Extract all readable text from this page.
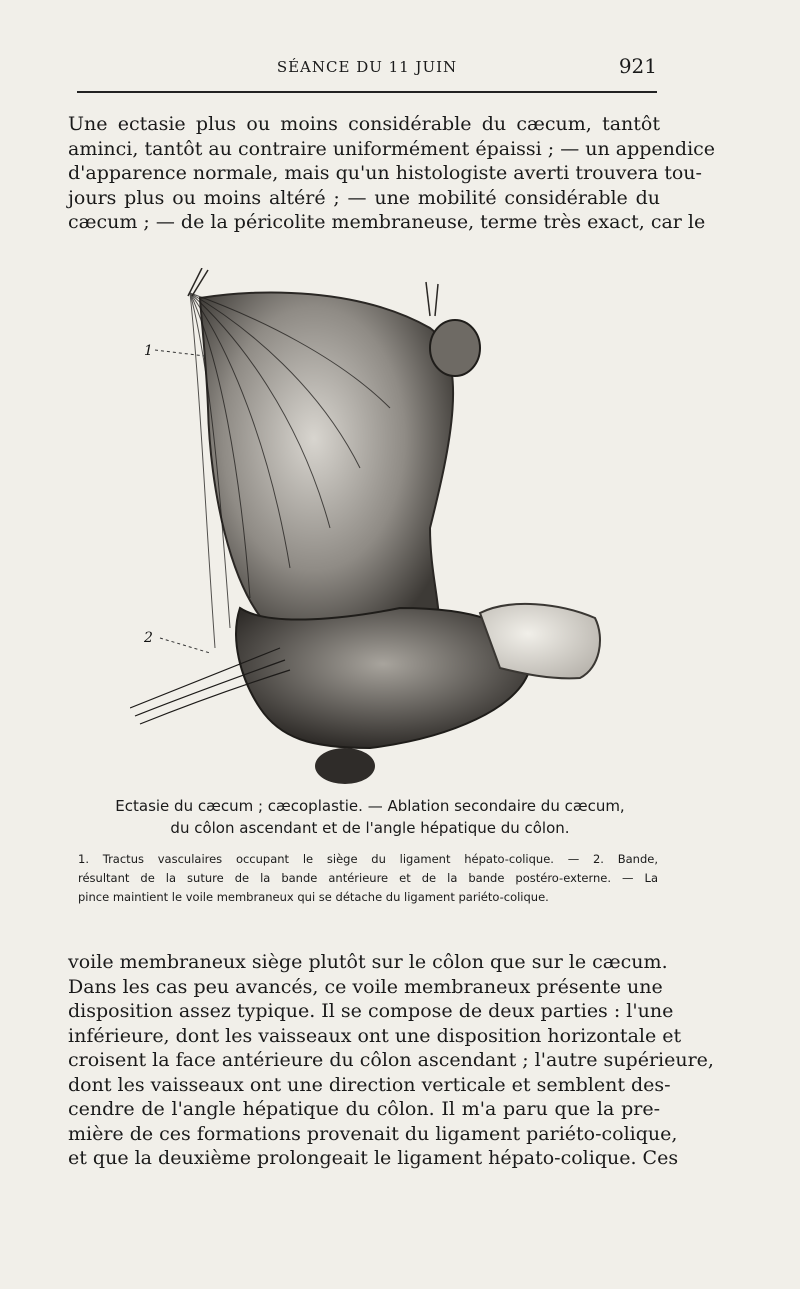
SÉANCE DU 11 JUIN	921
Une ectasie plus ou moins considérable du cæcum, tantôt
aminci, tantôt au contraire uniformément épaissi ; — un appendice
d'apparence normale, mais qu'un histologiste averti trouvera tou-
jours plus ou moins altéré ; — une mobilité considérable du
cæcum ; — de la péricolite membraneuse, terme très exact, car le
1
2
Ectasie du cæcum ; cæcoplastie. — Ablation secondaire du cæcum,
du côlon ascendant et de l'angle hépatique du côlon.
1. Tractus vasculaires occupant le siège du ligament hépato-colique. — 2. Bande,
résultant de la suture de la bande antérieure et de la bande postéro-externe. — La
pince maintient le voile membraneux qui se détache du ligament pariéto-colique.
voile membraneux siège plutôt sur le côlon que sur le cæcum.
Dans les cas peu avancés, ce voile membraneux présente une
disposition assez typique. Il se compose de deux parties : l'une
inférieure, dont les vaisseaux ont une disposition horizontale et
croisent la face antérieure du côlon ascendant ; l'autre supérieure,
dont les vaisseaux ont une direction verticale et semblent des-
cendre de l'angle hépatique du côlon. Il m'a paru que la pre-
mière de ces formations provenait du ligament pariéto-colique,
et que la deuxième prolongeait le ligament hépato-colique. Ces
